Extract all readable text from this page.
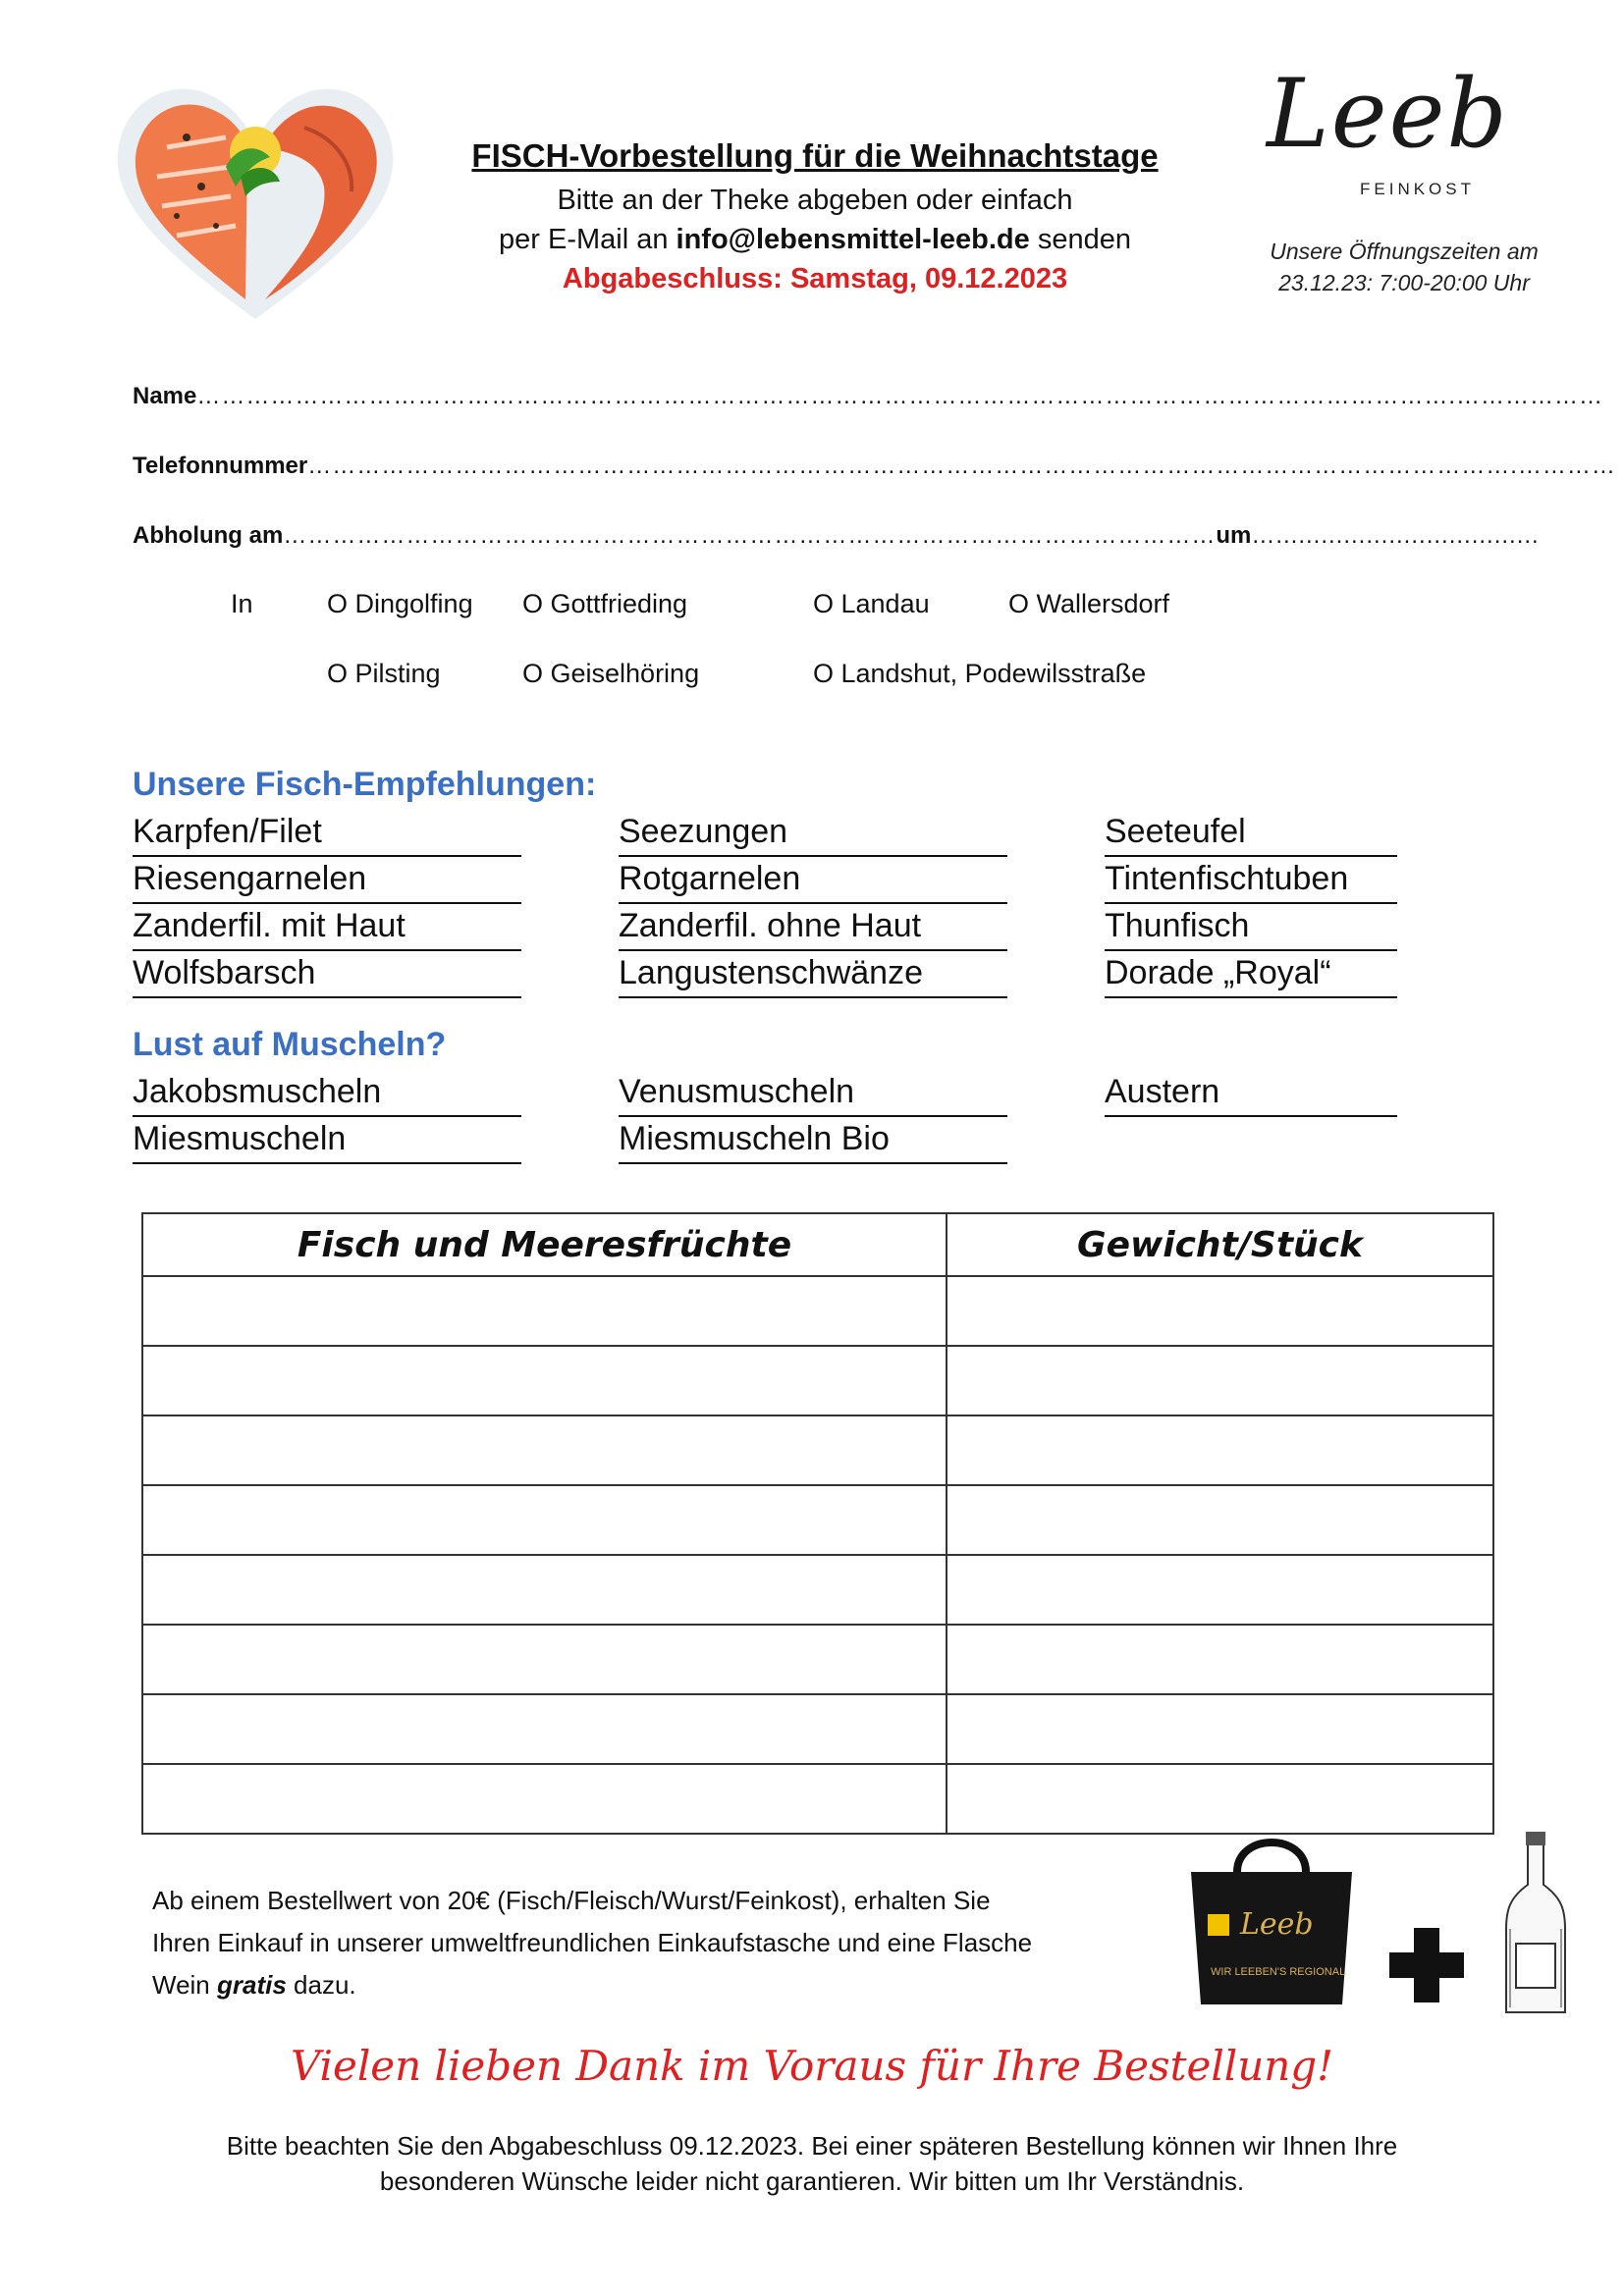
FISCH-Vorbestellung für die Weihnachtstage
Bitte an der Theke abgeben oder einfach
per E-Mail an info@lebensmittel-leeb.de senden
Abgabeschluss: Samstag, 09.12.2023
Leeb
FEINKOST
Unsere Öffnungszeiten am
23.12.23: 7:00-20:00 Uhr
Name……………………………………………………………………………………………………………………………………….………………
Telefonnummer………………………………………………………………………………………………………………………………….…………
Abholung am……………………………………………………………………………………………………um…...................................
In	O Dingolfing O Gottfrieding	O Landau	O Wallersdorf
O Pilsting	O Geiselhöring	O Landshut, Podewilsstraße
Unsere Fisch-Empfehlungen:
Karpfen/Filet	Seezungen	Seeteufel
Riesengarnelen	Rotgarnelen	Tintenfischtuben
Zanderfil. mit Haut	Zanderfil. ohne Haut	Thunfisch
Wolfsbarsch	Langustenschwänze	Dorade „Royal“
Lust auf Muscheln?
Jakobsmuscheln	Venusmuscheln	Austern
Miesmuscheln	Miesmuscheln Bio
Fisch und Meeresfrüchte	Gewicht/Stück

Ab einem Bestellwert von 20€ (Fisch/Fleisch/Wurst/Feinkost), erhalten Sie
Ihren Einkauf in unserer umweltfreundlichen Einkaufstasche und eine Flasche
Wein gratis dazu.
Leeb
WIR LEEBEN'S REGIONAL
Vielen lieben Dank im Voraus für Ihre Bestellung!
Bitte beachten Sie den Abgabeschluss 09.12.2023. Bei einer späteren Bestellung können wir Ihnen Ihre
besonderen Wünsche leider nicht garantieren. Wir bitten um Ihr Verständnis.
